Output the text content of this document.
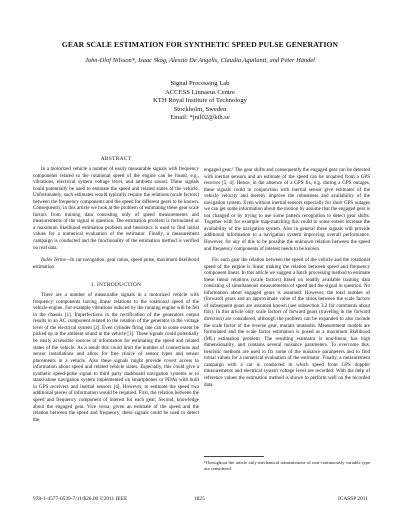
GEAR SCALE ESTIMATION FOR SYNTHETIC SPEED PULSE GENERATION
John-Olof Nilsson*, Isaac Skog, Alessio De Angelis, Claudia Aquilanti, and Peter Händel
Signal Processing Lab
ACCESS Linnaeus Centre
KTH Royal Institute of Technology
Stockholm, Sweden
Email: *jnil02@kth.se
ABSTRACT

In a motorized vehicle a number of easily measurable signals with frequency components related to the rotational speed of the engine can be found, e.g., vibrations, electrical system voltage level, and ambient sound. These signals could potentially be used to estimate the speed and related states of the vehicle. Unfortunately, such estimates would typically require the relations (scale factors) between the frequency components and the speed for different gears to be known. Consequently, in this article we look at the problem of estimating these gear scale factors from training data consisting only of speed measurements and measurements of the signal in question. The estimation problem is formulated as a maximum likelihood estimation problem and heuristics is used to find initial values for a numerical evaluation of the estimator. Finally, a measurement campaign is conducted and the functionality of the estimation method is verified on real data.

Index Terms—In car navigation, gear ratios, speed pulse, maximum likelihood estimation

1. INTRODUCTION

There are a number of measurable signals in a motorized vehicle with frequency components having linear relations to the rotational speed of the vehicle engine. For example vibrations induced by the running engine will be felt in the chassis [1]. Imperfections in the rectification of the generators output results in an AC component related to the rotation of the generator in the voltage level of the electrical system [2]. Even cylinder firing rate can to some extent be picked up in the ambient sound in the vehicle [3]. These signals could potentially be easily accessible sources of information for estimating the speed and related states of the vehicle. As a result this could limit the number of connections and sensor installations and allow for free choice of sensor types and sensor placements in a vehicle. Also these signals might provide covert access to information about speed and related vehicle states. Especially, this could give a synthetic speed-pulse signal to third party dashboard navigation systems or to stand-alone navigation system implemented on smartphones or PDAs with built in GPS receivers and inertial sensors [4]. However, to estimate the speed two additional pieces of information would be required. First, the relation between the speed and frequency component of interest for each gear; Second, knowledge about the engaged gear. Vice versa, given an estimate of the speed and the relation between the speed and frequency, these signals could be used to detect the

engaged gear.¹ The gear shifts and consequently the engaged gear can be detected with inertial sensors and an estimate of the speed can be acquired from a GPS receiver [5, 4]. Hence, in the absence of a GPS fix, e.g. during a GPS outages, these signals could in conjunction with inertial sensor give estimates of the vehicle velocity and thereby improve the robustness and availability of the navigation system. Even without inertial sensors especially for short GPS outages we can get some information about the motion by assume that the engaged gear is not changed or by trying to use some pattern recognition to detect gear shifts. Together with for example map-matching this could to some extent increase the availability of the navigation system. Also in general these signals will provide additional information to a navigation system improving overall performance. However, for any of this to be possible the unknown relation between the speed and frequency components of interest needs to be known.

For each gear the relation between the speed of the vehicle and the rotational speed of the engine is linear making the relation between speed and frequency component linear. In this article we suggest a batch processing method to estimate these linear relations (scale factors) based on readily available training data consisting of simultaneous measurements of speed and the signal in question. No information about engaged gears is assumed. However, the total number of (forward) gears and an approximate value of the ratios between the scale factors of subsequent gears are assumed known (see subsection 3.2 for comments about this). In this article only scale factors of forward gears (traveling in the forward direction) are considered, although the problem can be expanded to also include the scale factor of the reverse gear, mutatis mutandis. Measurement models are formulated and the scale factor estimation is posed as a maximum likelihood (ML) estimation problem. The resulting estimator is non-linear, has high dimensionality, and contains several nuisance parameters. To overcome this, heuristic methods are used to fix some of the nuisance parameters and to find initial values for a numerical evaluation of the estimator. Finally, a measurement campaign with a car is conducted in which speed from GPS doppler measurements and electrical system voltage level are recorded. With the help of reference values the estimation method is shown to perform well on the recorded data.

¹Throughout the article only mechanical transmissions of non-continuously variable type are considered.
978-1-4577-0539-7/11/$26.00 ©2011 IEEE	1825	ICASSP 2011
